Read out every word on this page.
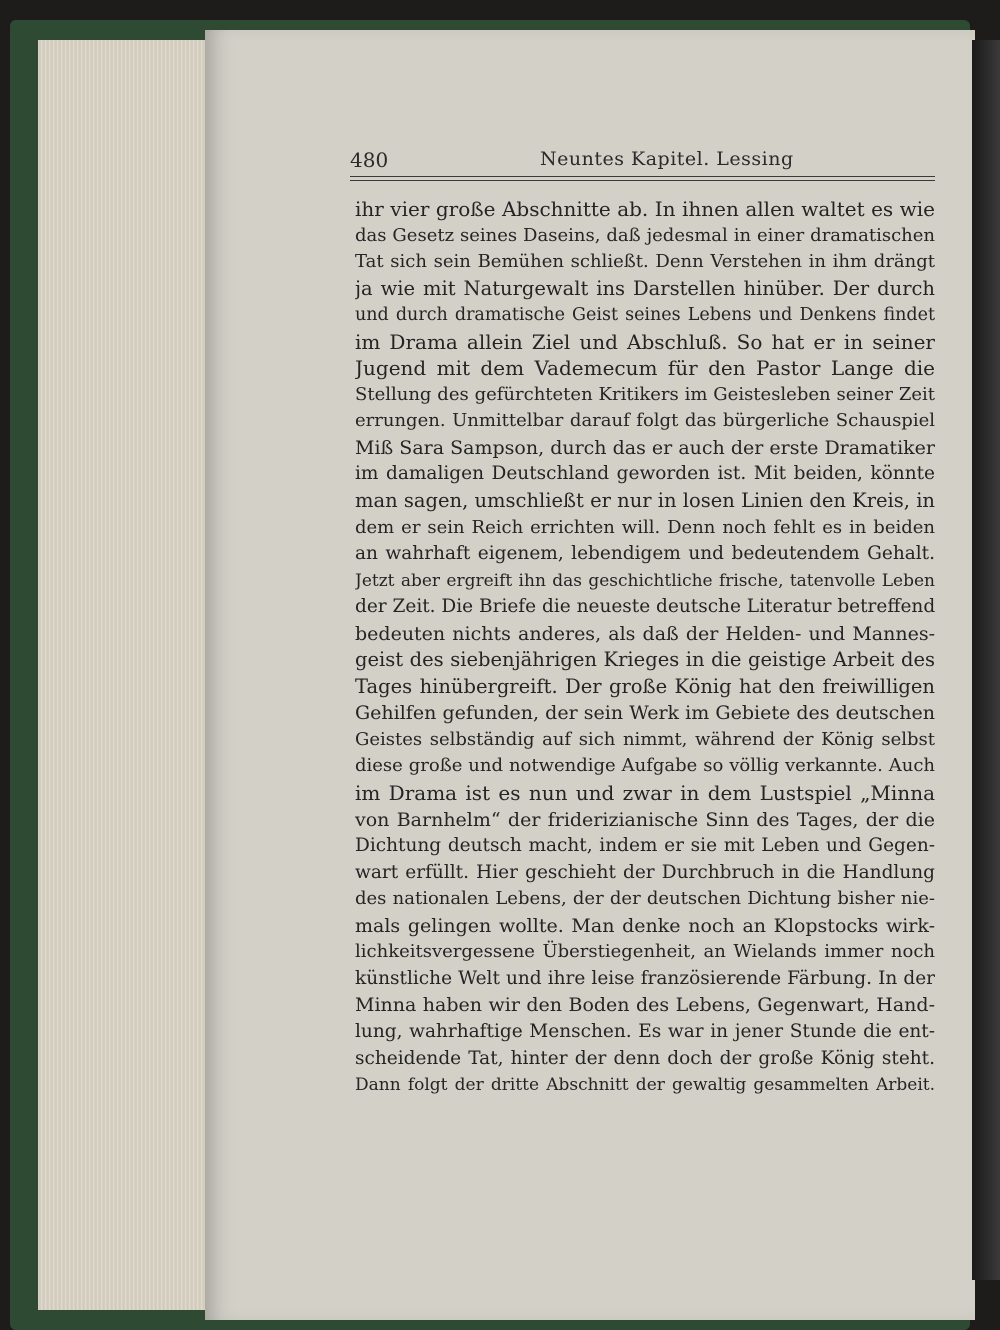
480	Neuntes Kapitel. Lessing
ihr vier große Abschnitte ab. In ihnen allen waltet es wie
das Gesetz seines Daseins, daß jedesmal in einer dramatischen
Tat sich sein Bemühen schließt. Denn Verstehen in ihm drängt
ja wie mit Naturgewalt ins Darstellen hinüber. Der durch
und durch dramatische Geist seines Lebens und Denkens findet
im Drama allein Ziel und Abschluß. So hat er in seiner
Jugend mit dem Vademecum für den Pastor Lange die
Stellung des gefürchteten Kritikers im Geistesleben seiner Zeit
errungen. Unmittelbar darauf folgt das bürgerliche Schauspiel
Miß Sara Sampson, durch das er auch der erste Dramatiker
im damaligen Deutschland geworden ist. Mit beiden, könnte
man sagen, umschließt er nur in losen Linien den Kreis, in
dem er sein Reich errichten will. Denn noch fehlt es in beiden
an wahrhaft eigenem, lebendigem und bedeutendem Gehalt.
Jetzt aber ergreift ihn das geschichtliche frische, tatenvolle Leben
der Zeit. Die Briefe die neueste deutsche Literatur betreffend
bedeuten nichts anderes, als daß der Helden- und Mannes-
geist des siebenjährigen Krieges in die geistige Arbeit des
Tages hinübergreift. Der große König hat den freiwilligen
Gehilfen gefunden, der sein Werk im Gebiete des deutschen
Geistes selbständig auf sich nimmt, während der König selbst
diese große und notwendige Aufgabe so völlig verkannte. Auch
im Drama ist es nun und zwar in dem Lustspiel „Minna
von Barnhelm“ der friderizianische Sinn des Tages, der die
Dichtung deutsch macht, indem er sie mit Leben und Gegen-
wart erfüllt. Hier geschieht der Durchbruch in die Handlung
des nationalen Lebens, der der deutschen Dichtung bisher nie-
mals gelingen wollte. Man denke noch an Klopstocks wirk-
lichkeitsvergessene Überstiegenheit, an Wielands immer noch
künstliche Welt und ihre leise französierende Färbung. In der
Minna haben wir den Boden des Lebens, Gegenwart, Hand-
lung, wahrhaftige Menschen. Es war in jener Stunde die ent-
scheidende Tat, hinter der denn doch der große König steht.
Dann folgt der dritte Abschnitt der gewaltig gesammelten Arbeit.
